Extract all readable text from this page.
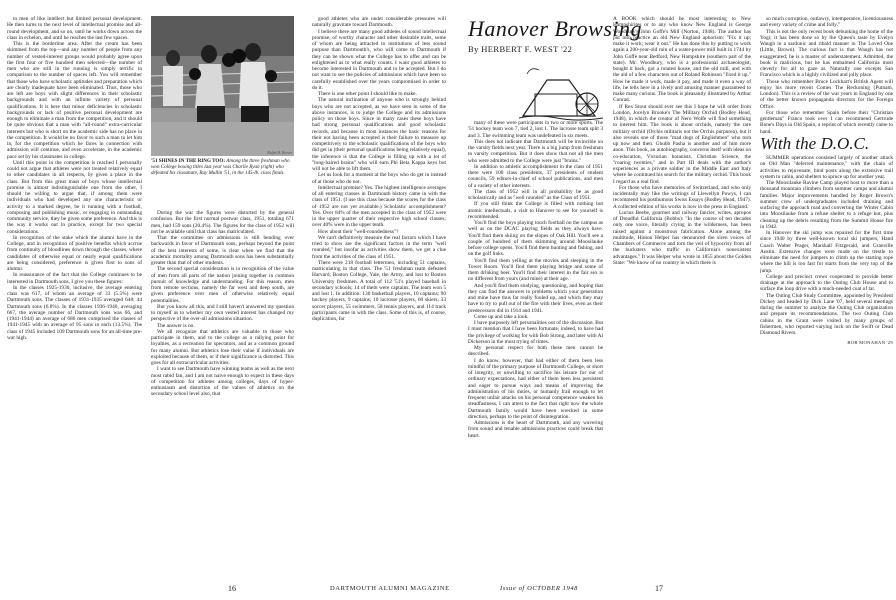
to men of like intellect but limited personal development. He then turns to the next level of intellectual promise and all-round development, and so on, until he works down across the class in echelon, and until he reaches the last few spaces.

This is the borderline area. After the cream has been skimmed from the top—and any number of people from any number of vested-interest groups would probably agree upon the first four or five hundred men selected—the number of men who are still in the running is simply terrific in comparison to the number of spaces left. You will remember that those who have scholastic aptitudes and preparation which are clearly inadequate have been eliminated. Thus, those who are left are boys with slight differences in their scholastic backgrounds and with an infinite variety of personal qualifications. It is here that minor deficiencies in scholastic backgrounds or lack of positive personal development are enough to eliminate a man from the competition, and it should be quite obvious that a man with "all-round" extra-curricular interests but who is short on the academic side has no place in the competition. It would be no favor to such a man to let him in, for the competition which he faces in connection with admission will continue, and even accelerate, in the academic pace set by his classmates in college.

Until this point in the competition is reached I personally could not argue that athletes were not treated relatively equal to other candidates in all respects, by given a place in the class. But from this great mass of boys whose intellectual promise is almost indistinguishable one from the other, I should be willing to argue that, if among them were individuals who had developed any one characteristic or activity to a marked degree, be it running with a football, composing and publishing music, or engaging in outstanding community service, they be given some preference. And this is the way it works out in practice, except for two special considerations.

In recognition of the stake which the alumni have in the College, and in recognition of positive benefits which accrue from continuity of bloodlines down through the classes, where candidates of otherwise equal or nearly equal qualifications are being considered, preference is given first to sons of alumni.

In reassurance of the fact that the College continues to be interested in Dartmouth sons, I give you these figures:

In the classes 1925-1930, inclusive, the average entering class was 617, of whom an average of 33 (5.5%) were Dartmouth sons. The classes of 1931-1935 averaged 648; 44 Dartmouth sons (6.8%). In the classes 1936-1940, averaging 667, the average number of Dartmouth sons was 66, and (1941-1944) an average of 686 men comprised the classes of 1941-1945 with an average of 95 sons in each (13.5%). The class of 1945 included 109 Dartmouth sons for an all-time pre-war high.

Ralph H. Brown
'51 SHINES IN THE RING TOO: Among the three freshman who won College boxing titles last year was Charlie Ryan (right) who defeated his classmate, Ray Mullin '51, in the 145-lb. class finals.

During the war the figures were distorted by the general confusion. But the first normal postwar class, 1951, totaling 671 men, had 159 sons (20.4%). The figures for the class of 1952 will not be available until that class has matriculated.

That the committee on admissions is still bending over backwards in favor of Dartmouth sons, perhaps beyond the point of the best interests of some, is clear when we find that the academic mortality among Dartmouth sons has been substantially greater than that of other students.

The second special consideration is in recognition of the value of men from all parts of the nation joining together in common pursuit of knowledge and understanding. For this reason, men from remote sections, namely the far west and deep south, are given preference over men of otherwise relatively equal potentialities.

But you know all this, and I still haven't answered my question to myself as to whether my own vested interest has changed my perspective of the over-all admissions situation.

The answer is no.

We all recognize that athletics are valuable to those who participate in them, and to the college as a rallying point for loyalties, as a recreation for spectators, and as a common ground for many alumni. But athletics lose their value if individuals are exploited because of them, or if their significance is distorted. This goes for all extracurricular activities.

I want to see Dartmouth have winning teams as well as the next most rabid fan, and I am not naive enough to expect in these days of competition for athletes among colleges, days of hyper-enthusiasm and distortion of the values of athletics on the secondary school level also, that

good athletes who are under considerable pressures will naturally gravitate toward Dartmouth.

I believe there are many good athletes of sound intellectual promise, of worthy character and other desirable traits, some of whom are being attracted to institutions of less sound purpose than Dartmouth's, who will come to Dartmouth if they can be shown what the College has to offer and can be enlightened as to what really counts. I want good athletes to become interested in Dartmouth and to be accepted. But I do not want to see the policies of admissions which have been so carefully established over the years compromised in order to do it.

There is one other point I should like to make.

The natural inclination of anyone who is strongly behind boys who are not accepted, as we have seen in some of the above instances, is to judge the College and its admissions policy on those boys. Since in many cases these boys have had strong personal qualifications and good scholastic records, and because in most instances the basic reasons for their not having been accepted is their failure to measure up competitively to the scholastic qualifications of the boys who did get in (their personal qualifications being relatively equal), the inference is that the College is filling up with a lot of "long-haired brains" who will earn Phi Beta Kappa keys but will not be able to lift them.

Let us look for a moment at the boys who do get in instead of at those who do not.

Intellectual promise? Yes. The highest intelligence averages of all entering classes in Dartmouth history came in with the class of 1951. (I use this class because the scores for the class of 1952 are not yet available.) Scholastic accomplishment? Yes. Over 84% of the men accepted in the class of 1952 were in the upper quarter of their respective high school classes; over 40% were in the upper tenth.

How about their "well-roundedness"?

We can't definitively measure the real factors which I have tried to show are the significant factors in the term "well rounded," but insofar as activities show them, we get a clue from the activities of the class of 1951.

There were 218 football lettermen, including 51 captains, matriculating in that class. The '51 freshman team defeated Harvard, Boston College, Yale, the Army, and lost to Boston University freshmen. A total of 112 '51's played baseball in secondary schools; 14 of them were captains. The team won 5 and lost 1. In addition: 130 basketball players, 10 captains; 90 hockey players, 9 captains; 10 lacrosse players, 60 skiers, 33 soccer players, 55 swimmers, 58 tennis players, and 114 track participants came in with the class. Some of this is, of course, duplication, for

16	DARTMOUTH ALUMNI MAGAZINE
Hanover Browsing
By HERBERT F. WEST '22

many of these were participants in two or more sports. The '51 hockey team won 7, tied 2, lost 1. The lacrosse team split 3 and 3. The swimming team was undefeated in six meets.

This does not indicate that Dartmouth will be invincible on the varsity fields next year. There is a big jump from freshman to varsity competition. But it does show that not all the men who were admitted to the College were just "brains."

In addition to athletic accomplishment in the class of 1951 there were 100 class presidents, 37 presidents of student councils, 59 editors-in-chief of school publications, and men of a variety of other interests.

The class of 1952 will in all probability be as good scholastically and as "well rounded" as the Class of 1951.

If you still think the College is filled with nothing but atomic intellectuals, a visit to Hanover to see for yourself is recommended.

You'll find the boys playing touch football on the campus as well as on the DCAC playing fields as they always have. You'll find them skiing on the slopes of Oak Hill. You'll see a couple of hundred of them skimming around Moosilauke before college opens. You'll find them hunting and fishing, and on the golf links.

You'll find them yelling at the movies and sleeping in the Tower Room. You'll find them playing bridge and some of them drinking beer. You'll find their interest in the fair sex is no different from yours (and mine) at their age.

And you'll find them studying, questioning, and hoping that they can find the answers to problems which your generation and mine have thus far really fouled up, and which they may have to try to pull out of the fire with their lives, even as their predecessors did in 1914 and 1941.

Come up and take a look.

I have purposely left personalities out of the discussion. But I must mention that I have been fortunate, indeed, to have had the privilege of working for with Bob Strong, and later with Al Dickerson in the most trying of times.

My personal respect for both these men cannot be described.

I do know, however, that had either of them been less mindful of the primary purpose of Dartmouth College, or short of integrity, or unwilling to sacrifice his leisure for our of ordinary expectations, had either of them been less persistent and eager to pursue ways and means of improving the administration of his duties, or humanly frail enough to let frequent unfair attacks on his personal competence weaken his steadfastness, I can attest to the fact that right now the whole Dartmouth family would have been wrecked in some direction, perhaps to the point of disintegration.

Admissions is the heart of Dartmouth, and any wavering from sound and tenable admissions practices could break that heart.

A BOOK which should be most interesting to New Hampshirites or to any who know New England is George Woodbury's John Goffe's Mill (Norton, 1948). The author has put into practice an old New England aphorism: "Fix it up; make it work; wear it out." He has done this by putting to work again a 200-year-old ruin of a water-power mill built in 1744 by John Goffe near Bedford, New Hampshire (southern part of the state). Mr. Woodbury, who is a professional archaeologist, bought it back, got a rotated house, and the old mill, and with the aid of a few characters out of Roland Robinson "fixed it up." How he made it work, made it pay, and made it even a way of life, he tells here in a lively and amusing manner guaranteed to make many curious. The book is pleasantly illustrated by Arthur Conrad.

If Rex Stout should ever see this I hope he will order from London, Jocelyn Brooke's The Military Orchid (Bodley Head, 1948), in which the creator of Nero Wolfe will find something to interest him. The book is about orchids, namely the rare military orchid (Orchis militaris not the Orchis purpurea), but it also reveals one of those "mad dogs of Englishmen" who turn up now and then. Ghubb Pasha is another and of him more anon. This book, an autobiography, concerns itself with ideas on co-education, Victorian botanists, Christian Science, the "roaring twenties," and in Part III deals with the author's experiences as a private soldier in the Middle East and Italy where he continued his search for the military orchid. This book I regard as a real find.

For those who have memories of Switzerland, and who only incidentally may like the writings of Llewellyn Powys, I can recommend his posthumous Swiss Essays (Bodley Head, 1947). A collected edition of his works is now in the press in England.

Lucius Beebe, gourmet and railway fancier, writes, apropos of Dreadful California (Bobbs): "In the course of ten decades only one voice, literally crying in the wilderness, has been raised against a monstrous fabrication. Alone among the multitude, Hinton Helper has denounced the siren voices of Chambers of Commerce and torn the veil of hypocrisy from all the hucksters who traffic in California's nonexistent advantages." It was Helper who wrote in 1855 about the Golden State: "We know of no country in which there is

so much corruption, outlawry, intemperance, licentiousness and every variety of crime and folly."

This is not the only recent book debunking the home of the Yogi; it has been done so by the Queen's taste by Evelyn Waugh in a sardonic and ribald manner in The Loved One (Little, Brown). The curious fact is that Waugh has not exaggerated; he is a master of understatement. Admitted, the book is malicious, but he has embalmed California most cleverly for all to gaze at. Naturally one excepts San Francisco which is a highly civilized and jolly place.

Those who remember Bruce Lockhart's British Agent will enjoy his more recent Comes The Reckoning (Putnam, London). This is a review of the war years in England by one of the better known propaganda directors for the Foreign Office.

For those who remember Spain before their "Christian gentleman" Franco took over I can recommend Gertrude Bone's Days in Old Spain, a reprint of which recently came to hand.

With the D.O.C.

SUMMER operations consisted largely of another attack on Old Man "deferred maintenance," with the chain of activities to rejuvenate, bind posts along the extensive trail system to cabin, and shelters to spruce up for another year.

The Moosilauke Ravine Camp played host to more than a thousand mountain climbers from summer camps and alumni families. Major improvements handled by Roger Brown's summer crew of undergraduates included draining and surfacing the approach road and converting the Winter Cabin into Moosilauke from a refuse shelter to a refuge hut, plus cleaning up the debris resulting from the Summit House fire in 1942.

In Hanover the ski jump was repaired for the first time since 1940 by three well-known local ski jumpers, Hand Coach Walter Prager, Marshall Fitzgerald, and Granville Austin. Extensive changes were made on the trestle to eliminate the need for jumpers to climb up the starting rope where the hill is too fast for starts from the very top of the jump.

College and precinct crews cooperated to provide better drainage at the approach to the Outing Club House and to surface the loop drive with a much-needed coat of tar.

The Outing Club Study Committee, appointed by President Dickey and headed by Dick Lane '07, held several meetings during the summer to analyze the Outing Club organization and prepare its recommendations. The two Outing Club cabins in the Grant were visited by many groups of fishermen, who reported varying luck on the Swift or Dead Diamond Rivers.

BOB MONAHAN '29
Issue of OCTOBER 1948	17
